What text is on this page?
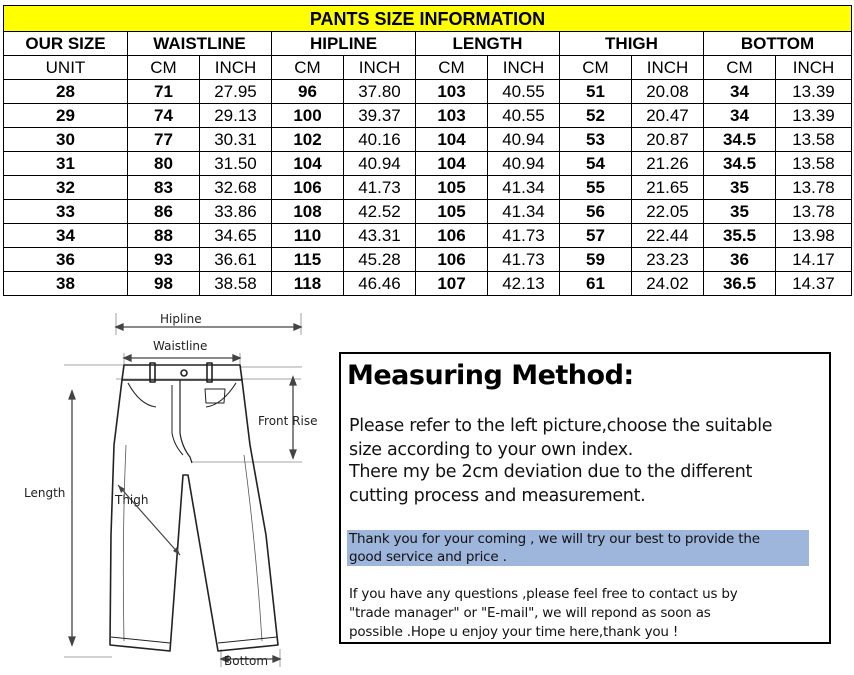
PANTS SIZE INFORMATION										
OUR SIZE	WAISTLINE		HIPLINE		LENGTH		THIGH		BOTTOM	
UNIT	CM	INCH	CM	INCH	CM	INCH	CM	INCH	CM	INCH
28	71	27.95	96	37.80	103	40.55	51	20.08	34	13.39
29	74	29.13	100	39.37	103	40.55	52	20.47	34	13.39
30	77	30.31	102	40.16	104	40.94	53	20.87	34.5	13.58
31	80	31.50	104	40.94	104	40.94	54	21.26	34.5	13.58
32	83	32.68	106	41.73	105	41.34	55	21.65	35	13.78
33	86	33.86	108	42.52	105	41.34	56	22.05	35	13.78
34	88	34.65	110	43.31	106	41.73	57	22.44	35.5	13.98
36	93	36.61	115	45.28	106	41.73	59	23.23	36	14.17
38	98	38.58	118	46.46	107	42.13	61	24.02	36.5	14.37
Hipline
Waistline
Front Rise
Length	Thigh
Bottom
Measuring Method:
Please refer to the left picture,choose the suitable
size according to your own index.
There my be 2cm deviation due to the different
cutting process and measurement.
Thank you for your coming , we will try our best to provide the
good service and price .
If you have any questions ,please feel free to contact us by
"trade manager" or "E-mail", we will repond as soon as
possible .Hope u enjoy your time here,thank you !
